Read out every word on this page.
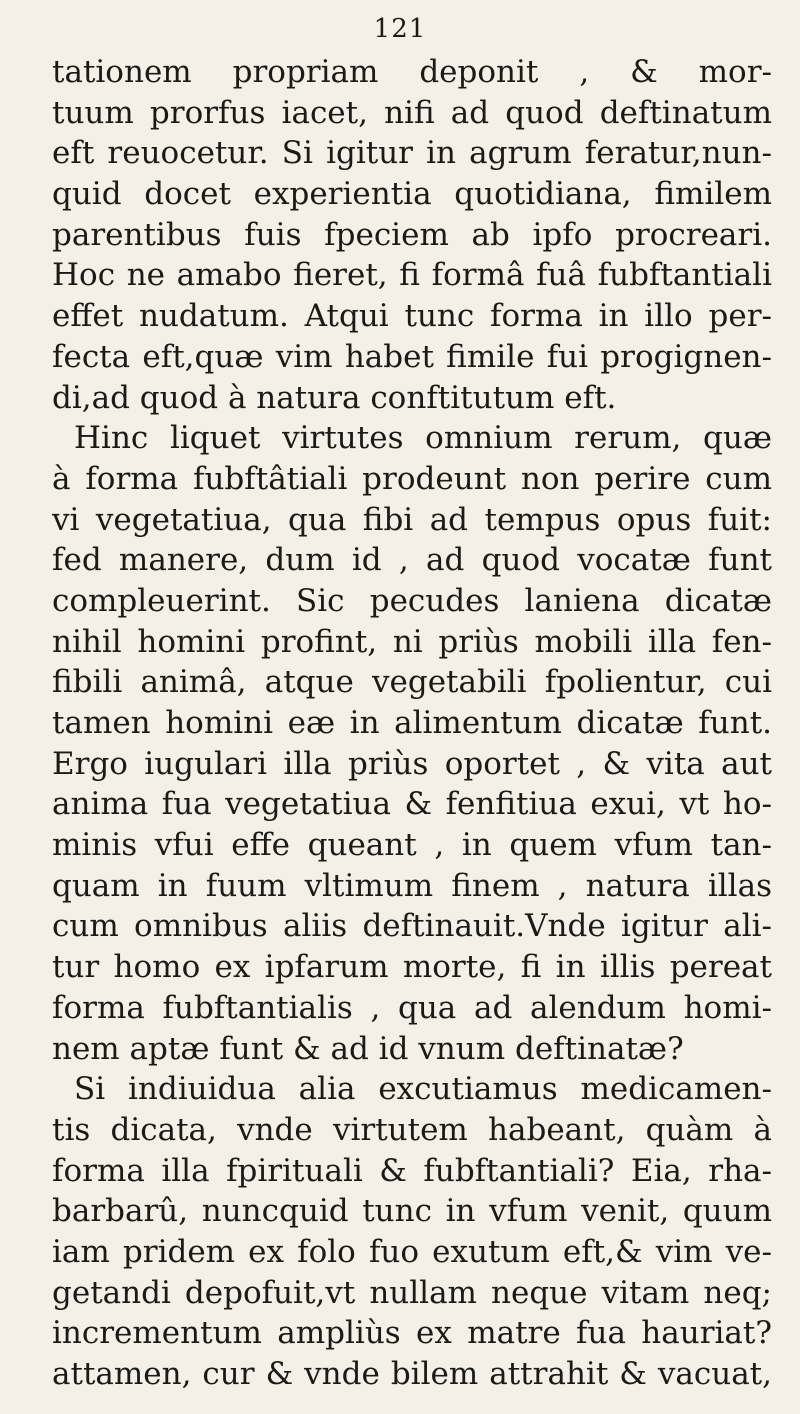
121
tationem propriam deponit , & mor-
tuum prorfus iacet, nifi ad quod deftinatum
eft reuocetur. Si igitur in agrum feratur,nun-
quid docet experientia quotidiana, fimilem
parentibus fuis fpeciem ab ipfo procreari.
Hoc ne amabo fieret, fi formâ fuâ fubftantiali
effet nudatum. Atqui tunc forma in illo per-
fecta eft,quæ vim habet fimile fui progignen-
di,ad quod à natura conftitutum eft.
Hinc liquet virtutes omnium rerum, quæ
à forma fubftâtiali prodeunt non perire cum
vi vegetatiua, qua fibi ad tempus opus fuit:
fed manere, dum id , ad quod vocatæ funt
compleuerint. Sic pecudes laniena dicatæ
nihil homini profint, ni priùs mobili illa fen-
fibili animâ, atque vegetabili fpolientur, cui
tamen homini eæ in alimentum dicatæ funt.
Ergo iugulari illa priùs oportet , & vita aut
anima fua vegetatiua & fenfitiua exui, vt ho-
minis vfui effe queant , in quem vfum tan-
quam in fuum vltimum finem , natura illas
cum omnibus aliis deftinauit.Vnde igitur ali-
tur homo ex ipfarum morte, fi in illis pereat
forma fubftantialis , qua ad alendum homi-
nem aptæ funt & ad id vnum deftinatæ?
Si indiuidua alia excutiamus medicamen-
tis dicata, vnde virtutem habeant, quàm à
forma illa fpirituali & fubftantiali? Eia, rha-
barbarû, nuncquid tunc in vfum venit, quum
iam pridem ex folo fuo exutum eft,& vim ve-
getandi depofuit,vt nullam neque vitam neq;
incrementum ampliùs ex matre fua hauriat?
attamen, cur & vnde bilem attrahit & vacuat,
